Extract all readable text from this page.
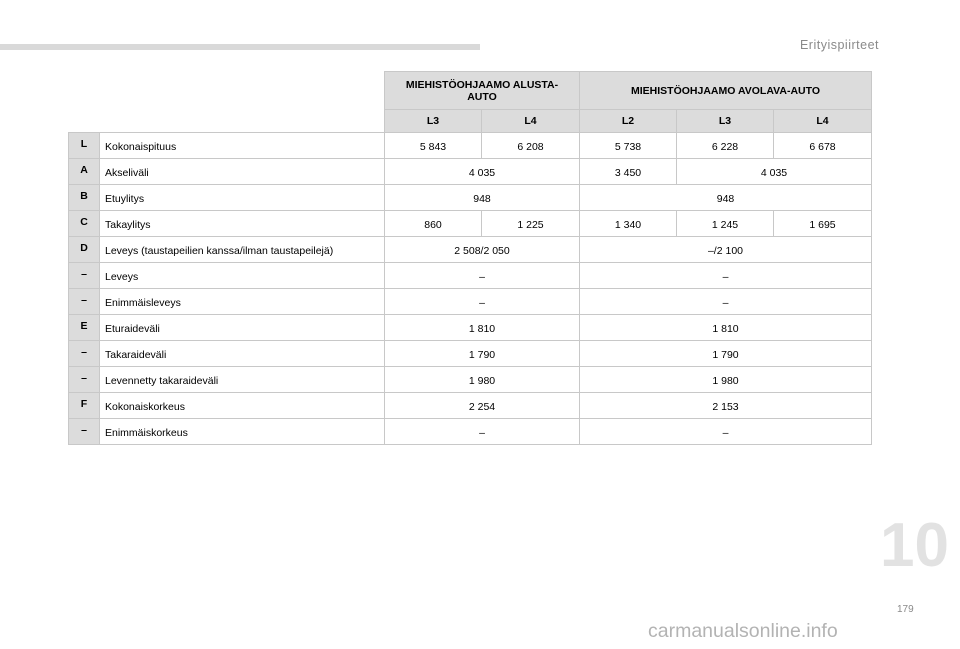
Erityispiirteet
		MIEHISTÖOHJAAMO ALUSTA-AUTO		MIEHISTÖOHJAAMO AVOLAVA-AUTO		
		L3	L4	L2	L3	L4
L	Kokonaispituus	5 843	6 208	5 738	6 228	6 678
A	Akseliväli	4 035		3 450	4 035	
B	Etuylitys	948		948		
C	Takaylitys	860	1 225	1 340	1 245	1 695
D	Leveys (taustapeilien kanssa/ilman taustapeilejä)	2 508/2 050		–/2 100		
–	Leveys	–		–		
–	Enimmäisleveys	–		–		
E	Eturaideväli	1 810		1 810		
–	Takaraideväli	1 790		1 790		
–	Levennetty takaraideväli	1 980		1 980		
F	Kokonaiskorkeus	2 254		2 153		
–	Enimmäiskorkeus	–		–		
10
179
carmanualsonline.info
